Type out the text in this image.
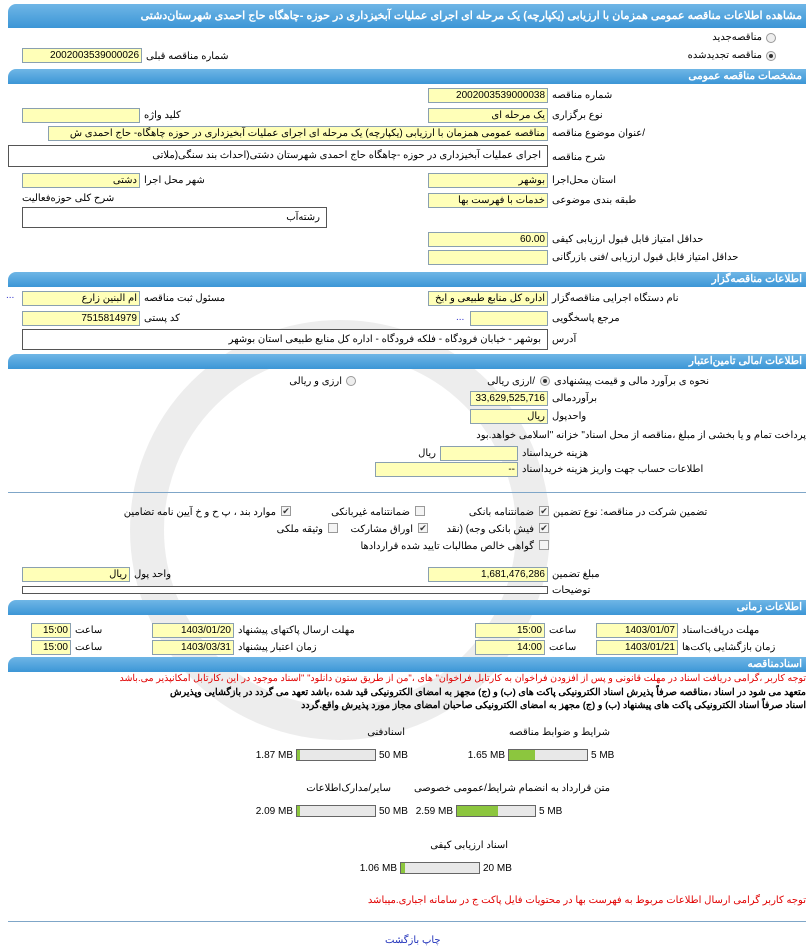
مشاهده اطلاعات مناقصه عمومی همزمان با ارزیابی (یکپارچه) یک مرحله ای اجرای عملیات آبخیزداری در حوزه -چاهگاه حاج احمدی شهرستان‌دشتی
مناقصه‌جدید
مناقصه تجدیدشده
شماره مناقصه قبلی
2002003539000026
مشخصات مناقصه عمومی
شماره مناقصه
2002003539000038
نوع برگزاری
یک مرحله ای
کلید واژه
/عنوان موضوع مناقصه
مناقصه عمومی همزمان با ارزیابی (یکپارچه) یک مرحله ای اجرای عملیات آبخیزداری در حوزه چاهگاه- حاج احمدی ش
شرح مناقصه
اجرای عملیات آبخیزداری در حوزه -چاهگاه حاج احمدی شهرستان دشتی(احداث بند سنگی(ملاتی
استان محل‌اجرا
بوشهر
شهر محل اجرا
دشتی
طبقه بندی موضوعی
خدمات با فهرست بها
شرح کلی حوزه‌فعالیت
رشته‌آب
حداقل امتیاز قابل قبول ارزیابی کیفی
60.00
حداقل امتیاز قابل قبول ارزیابی /فنی بازرگانی
اطلاعات مناقصه‌گزار
نام دستگاه اجرایی مناقصه‌گزار
اداره کل منابع طبیعی و ابخ
مسئول ثبت مناقصه
ام البنین زارع
...
مرجع پاسخگویی
...
کد پستی
7515814979
آدرس
بوشهر - خیابان فرودگاه - فلکه فرودگاه - اداره کل منابع طبیعی استان بوشهر
اطلاعات /مالی تامین‌اعتبار
نحوه ی برآورد مالی و قیمت پیشنهادی
/ارزی ریالی
ارزی و ریالی
برآوردمالی
33,629,525,716
واحدپول
ریال
پرداخت تمام و یا بخشی از مبلغ ،مناقصه از محل اسناد" خزانه "اسلامی خواهد.بود
هزینه خریداسناد
ریال
اطلاعات حساب جهت واریز هزینه خریداسناد
--
تضمین شرکت در مناقصه: نوع تضمین
✔
ضمانتنامه بانکی
ضمانتنامه غیربانکی
✔
موارد بند ، پ ح و خ آیین نامه تضامین
✔
فیش بانکی وجه) (نقد
✔
اوراق مشارکت
وثیقه ملکی
گواهی خالص مطالبات تایید شده قراردادها
مبلغ تضمین
1,681,476,286
واحد پول
ریال
توضیحات
اطلاعات زمانی
مهلت دریافت‌اسناد
1403/01/07
ساعت
15:00
مهلت ارسال پاکتهای پیشنهاد
1403/01/20
ساعت
15:00
زمان بازگشایی پاکت‌ها
1403/01/21
ساعت
14:00
زمان اعتبار پیشنهاد
1403/03/31
ساعت
15:00
اسنادمناقصه
توجه کاربر ،گرامی دریافت اسناد در مهلت قانونی و پس از افزودن فراخوان به کارتابل فراخوان" های ،"من از طریق ستون دانلود" "اسناد موجود در این ،کارتابل امکانپذیر می.باشد
متعهد می شود در اسناد ،مناقصه صرفاً پذیرش اسناد الکترونیکی پاکت های (ب) و (ج) مجهز به امضای الکترونیکی قید شده ،باشد تعهد می گردد در بازگشایی وپذیرش
اسناد صرفاً اسناد الکترونیکی پاکت های پیشنهاد (ب) و (ج) مجهز به امضای الکترونیکی صاحبان امضای مجاز مورد پذیرش واقع.گردد
شرایط و ضوابط مناقصه
5 MB
1.65 MB
اسنادفنی
50 MB
1.87 MB
متن قرارداد به انضمام شرایط/عمومی خصوصی
5 MB
2.59 MB
سایر/مدارک‌اطلاعات
50 MB
2.09 MB
اسناد ارزیابی کیفی
20 MB
1.06 MB
توجه کاربر گرامی ارسال اطلاعات مربوط به فهرست بها در محتویات فایل پاکت ج در سامانه اجباری.میباشد
چاپ بازگشت
